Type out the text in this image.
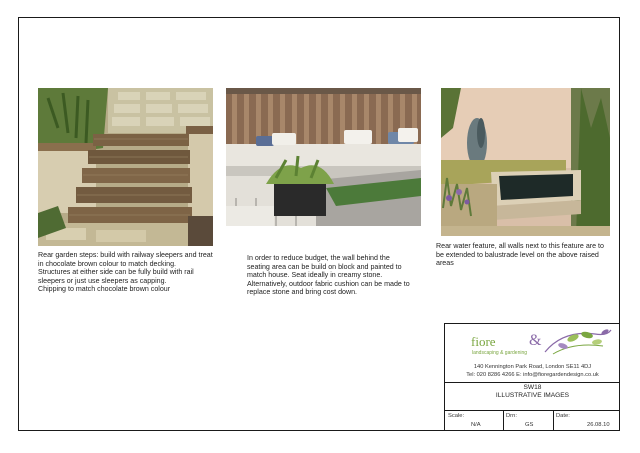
Rear garden steps: build with railway sleepers and treat in chocolate brown colour to match decking.
Structures at either side can be fully build with rail sleepers or just use sleepers as capping.
Chipping to match chocolate brown colour
In order to reduce budget, the wall behind the seating area can be build on block and painted to match house. Seat ideally in creamy stone. Alternatively, outdoor fabric cushion can be made to replace stone and bring cost down.
Rear water feature, all walls next to this feature are to be extended to balustrade level on the above raised areas
fiore &
landscaping & gardening
140 Kennington Park Road, London SE11 4DJ
Tel: 020 8286 4266 E: info@fioregardendesign.co.uk
SW18
ILLUSTRATIVE IMAGES
Scale:
N/A
Drn:
GS
Date:
26.08.10
